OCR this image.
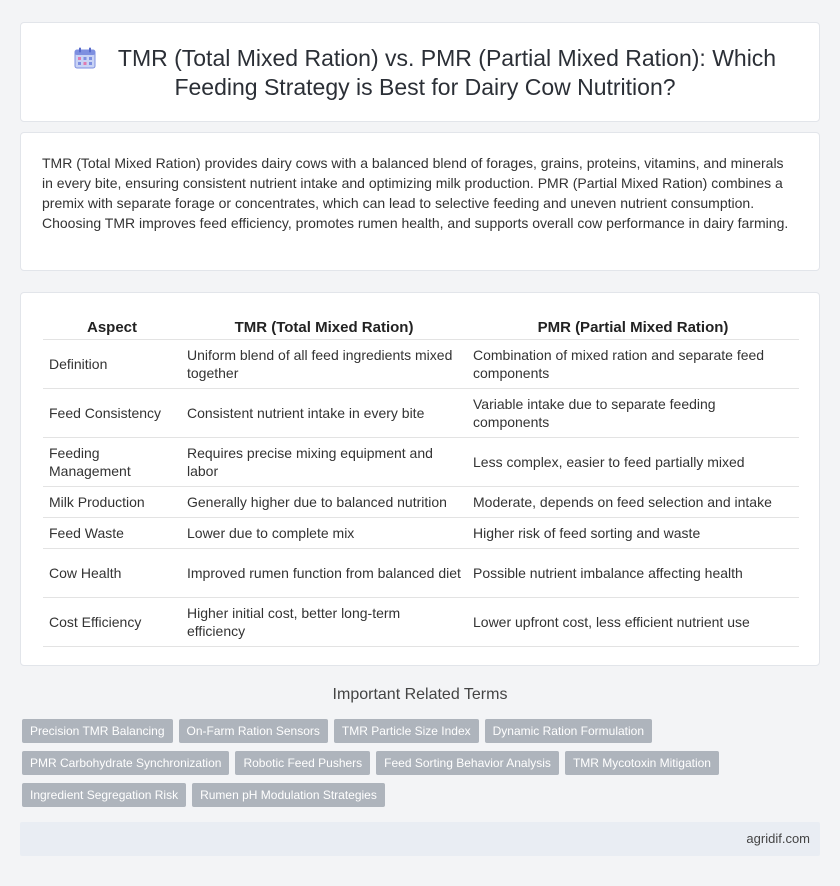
TMR (Total Mixed Ration) vs. PMR (Partial Mixed Ration): Which Feeding Strategy is Best for Dairy Cow Nutrition?
TMR (Total Mixed Ration) provides dairy cows with a balanced blend of forages, grains, proteins, vitamins, and minerals in every bite, ensuring consistent nutrient intake and optimizing milk production. PMR (Partial Mixed Ration) combines a premix with separate forage or concentrates, which can lead to selective feeding and uneven nutrient consumption. Choosing TMR improves feed efficiency, promotes rumen health, and supports overall cow performance in dairy farming.
Aspect	TMR (Total Mixed Ration)	PMR (Partial Mixed Ration)
Definition	Uniform blend of all feed ingredients mixed together	Combination of mixed ration and separate feed components
Feed Consistency	Consistent nutrient intake in every bite	Variable intake due to separate feeding components
Feeding Management	Requires precise mixing equipment and labor	Less complex, easier to feed partially mixed
Milk Production	Generally higher due to balanced nutrition	Moderate, depends on feed selection and intake
Feed Waste	Lower due to complete mix	Higher risk of feed sorting and waste
Cow Health	Improved rumen function from balanced diet	Possible nutrient imbalance affecting health
Cost Efficiency	Higher initial cost, better long-term efficiency	Lower upfront cost, less efficient nutrient use
Important Related Terms
Precision TMR Balancing On-Farm Ration Sensors TMR Particle Size Index Dynamic Ration Formulation
PMR Carbohydrate Synchronization Robotic Feed Pushers Feed Sorting Behavior Analysis TMR Mycotoxin Mitigation
Ingredient Segregation Risk Rumen pH Modulation Strategies
agridif.com
